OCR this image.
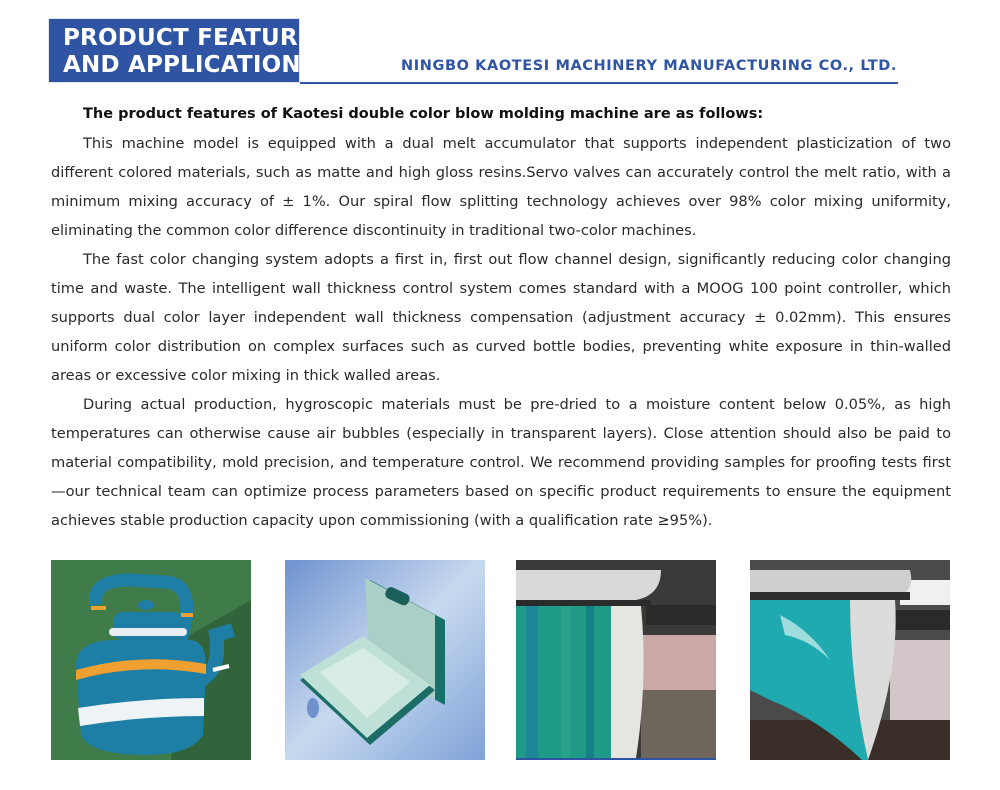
PRODUCT FEATURE
AND APPLICATION	NINGBO KAOTESI MACHINERY MANUFACTURING CO., LTD.

The product features of Kaotesi double color blow molding machine are as follows:

This machine model is equipped with a dual melt accumulator that supports independent plasticization of two different colored materials, such as matte and high gloss resins.Servo valves can accurately control the melt ratio, with a minimum mixing accuracy of ± 1%. Our spiral flow splitting technology achieves over 98% color mixing uniformity, eliminating the common color difference discontinuity in traditional two-color machines.

The fast color changing system adopts a first in, first out flow channel design, significantly reducing color changing time and waste. The intelligent wall thickness control system comes standard with a MOOG 100 point controller, which supports dual color layer independent wall thickness compensation (adjustment accuracy ± 0.02mm). This ensures uniform color distribution on complex surfaces such as curved bottle bodies, preventing white exposure in thin-walled areas or excessive color mixing in thick walled areas.

During actual production, hygroscopic materials must be pre-dried to a moisture content below 0.05%, as high temperatures can otherwise cause air bubbles (especially in transparent layers). Close attention should also be paid to material compatibility, mold precision, and temperature control. We recommend providing samples for proofing tests first—our technical team can optimize process parameters based on specific product requirements to ensure the equipment achieves stable production capacity upon commissioning (with a qualification rate ≥95%).
